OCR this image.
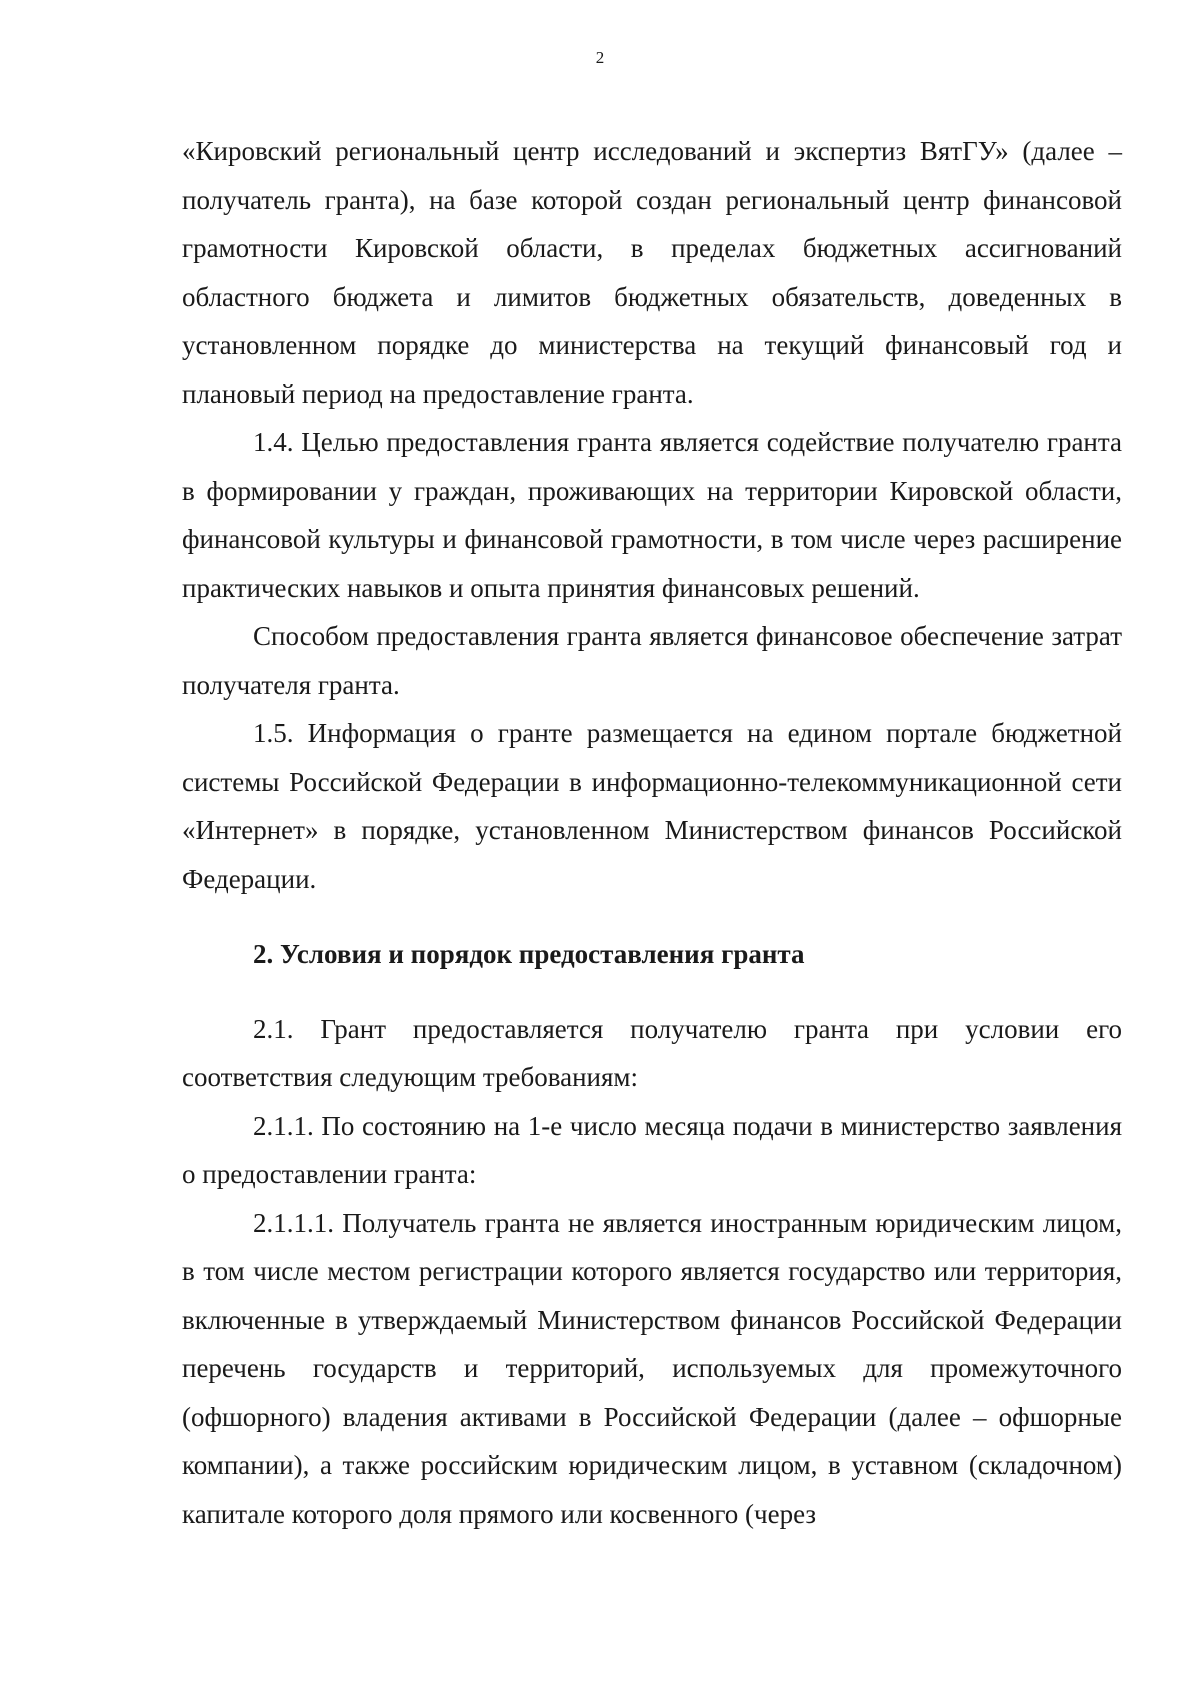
2

«Кировский региональный центр исследований и экспертиз ВятГУ» (далее – получатель гранта), на базе которой создан региональный центр финансовой грамотности Кировской области, в пределах бюджетных ассигнований областного бюджета и лимитов бюджетных обязательств, доведенных в установленном порядке до министерства на текущий финансовый год и плановый период на предоставление гранта.

1.4. Целью предоставления гранта является содействие получателю гранта в формировании у граждан, проживающих на территории Кировской области, финансовой культуры и финансовой грамотности, в том числе через расширение практических навыков и опыта принятия финансовых решений.

Способом предоставления гранта является финансовое обеспечение затрат получателя гранта.

1.5. Информация о гранте размещается на едином портале бюджетной системы Российской Федерации в информационно-телекоммуникационной сети «Интернет» в порядке, установленном Министерством финансов Российской Федерации.

2. Условия и порядок предоставления гранта

2.1. Грант предоставляется получателю гранта при условии его соответствия следующим требованиям:

2.1.1. По состоянию на 1-е число месяца подачи в министерство заявления о предоставлении гранта:

2.1.1.1. Получатель гранта не является иностранным юридическим лицом, в том числе местом регистрации которого является государство или территория, включенные в утверждаемый Министерством финансов Российской Федерации перечень государств и территорий, используемых для промежуточного (офшорного) владения активами в Российской Федерации (далее – офшорные компании), а также российским юридическим лицом, в уставном (складочном) капитале которого доля прямого или косвенного (через
